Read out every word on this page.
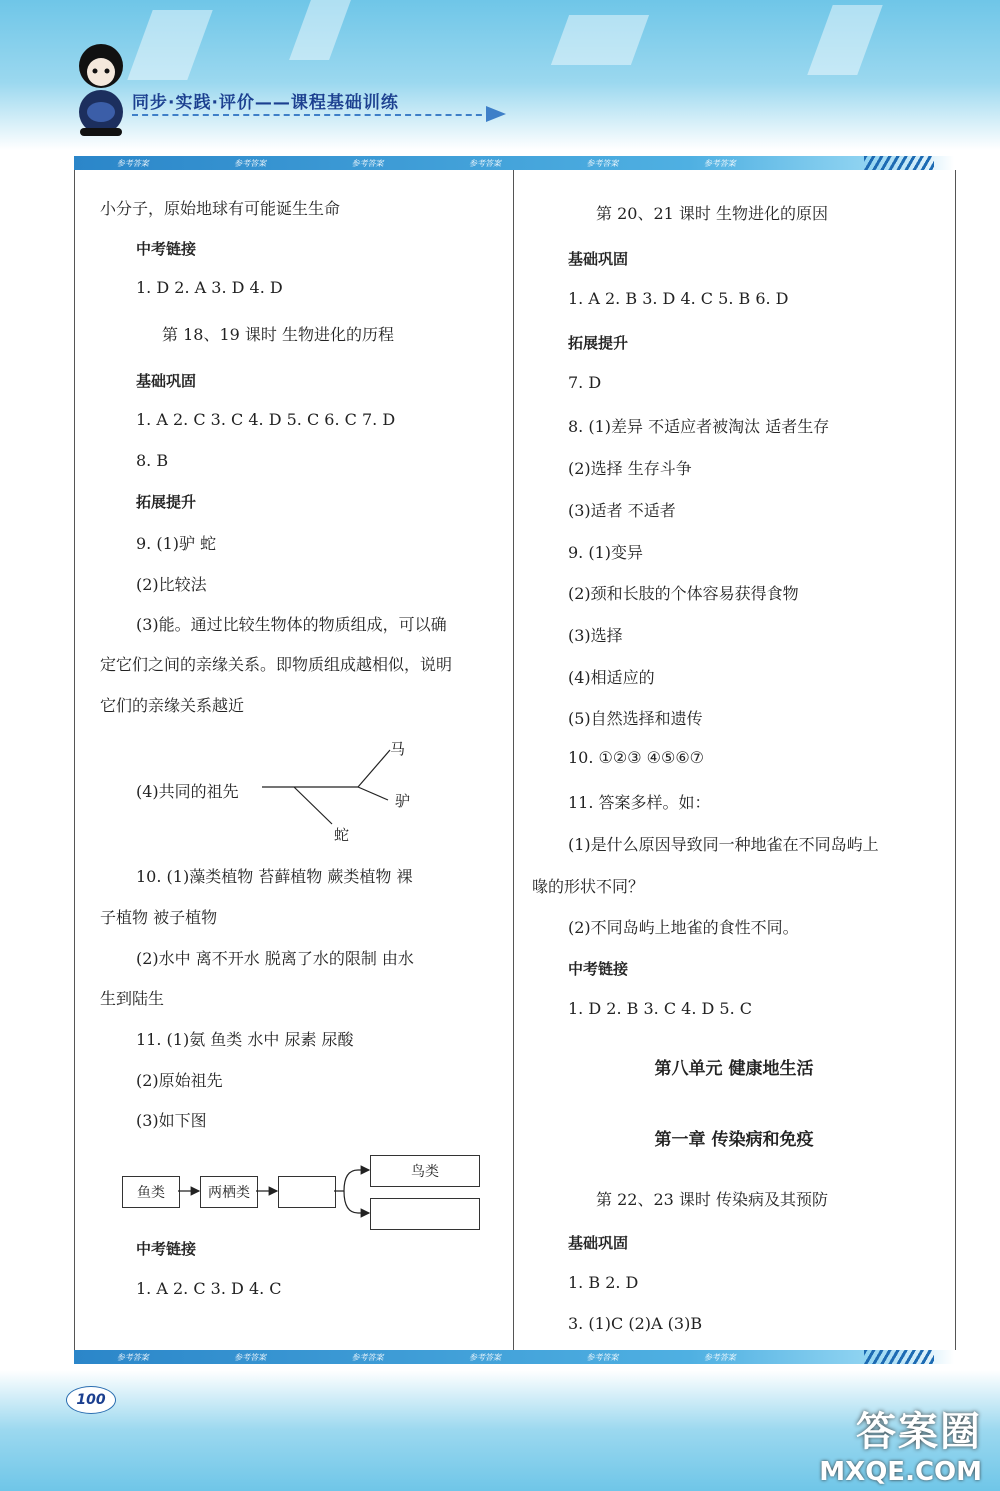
同步·实践·评价——课程基础训练
参考答案	参考答案	参考答案	参考答案	参考答案	参考答案
小分子，原始地球有可能诞生生命
中考链接
1. D 2. A 3. D 4. D
第 18、19 课时 生物进化的历程
基础巩固
1. A 2. C 3. C 4. D 5. C 6. C 7. D
8. B
拓展提升
9. (1)驴 蛇
(2)比较法
(3)能。通过比较生物体的物质组成，可以确
定它们之间的亲缘关系。即物质组成越相似，说明
它们的亲缘关系越近
(4)共同的祖先
马
驴
蛇
10. (1)藻类植物 苔藓植物 蕨类植物 裸
子植物 被子植物
(2)水中 离不开水 脱离了水的限制 由水
生到陆生
11. (1)氨 鱼类 水中 尿素 尿酸
(2)原始祖先
(3)如下图
鱼类	两栖类
鸟类
中考链接
1. A 2. C 3. D 4. C
第 20、21 课时 生物进化的原因
基础巩固
1. A 2. B 3. D 4. C 5. B 6. D
拓展提升
7. D
8. (1)差异 不适应者被淘汰 适者生存
(2)选择 生存斗争
(3)适者 不适者
9. (1)变异
(2)颈和长肢的个体容易获得食物
(3)选择
(4)相适应的
(5)自然选择和遗传
10. ①②③ ④⑤⑥⑦
11. 答案多样。如：
(1)是什么原因导致同一种地雀在不同岛屿上
喙的形状不同？
(2)不同岛屿上地雀的食性不同。
中考链接
1. D 2. B 3. C 4. D 5. C
第八单元 健康地生活
第一章 传染病和免疫
第 22、23 课时 传染病及其预防
基础巩固
1. B 2. D
3. (1)C (2)A (3)B
参考答案	参考答案	参考答案	参考答案	参考答案	参考答案
100
答案圈
MXQE.COM
